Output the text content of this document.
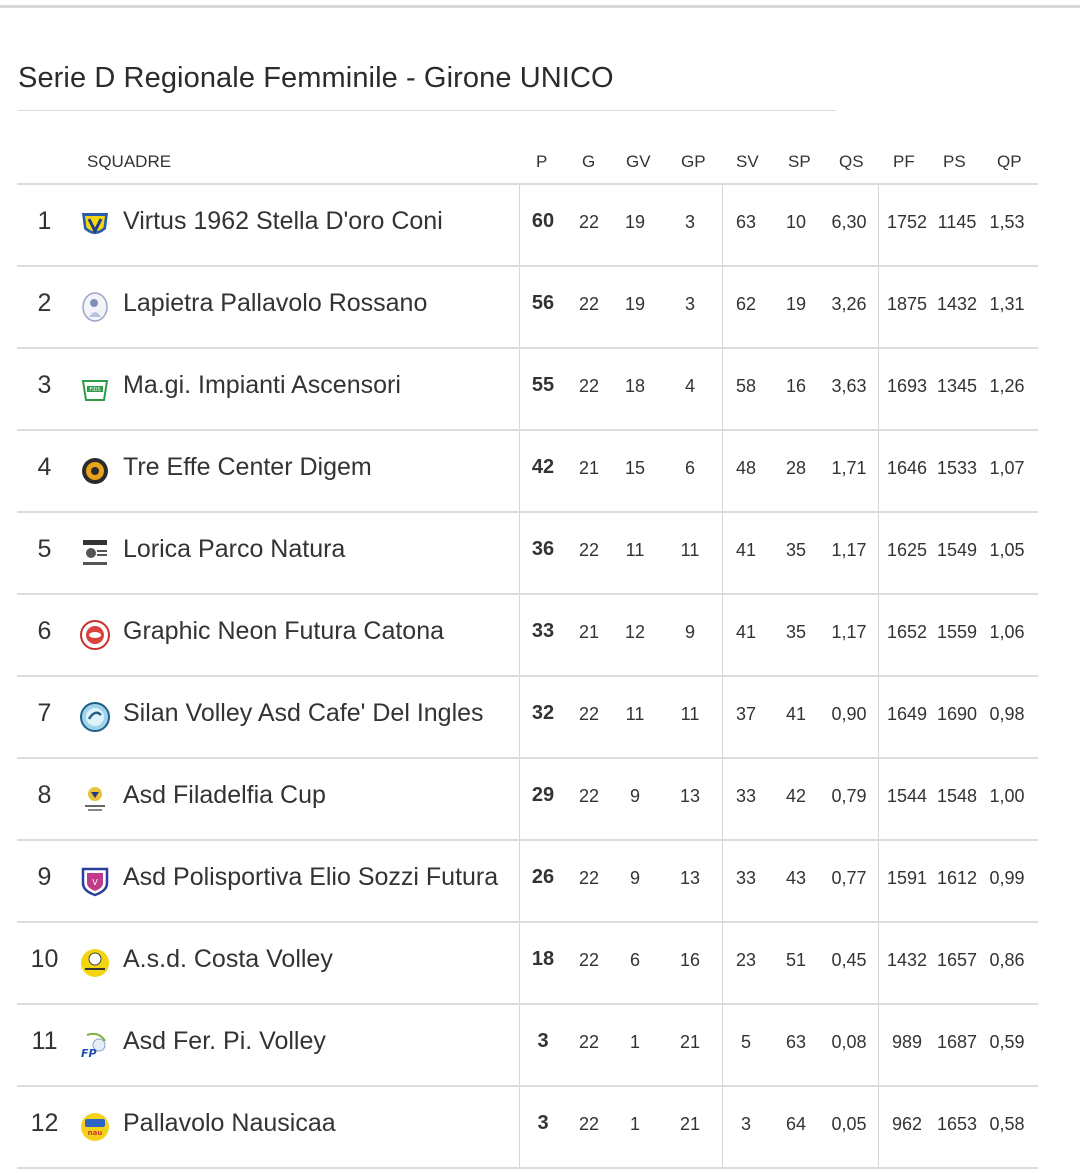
Serie D Regionale Femminile - Girone UNICO
SQUADRE	P G GV GP SV SP QS PF PS QP
1	Virtus 1962 Stella D'oro Coni	60	22	19	3	63	10	6,30	1752 1145 1,53
2	Lapietra Pallavolo Rossano	56	22	19	3	62	19	3,26	1875 1432 1,31
3	FIDS Ma.gi. Impianti Ascensori	55	22	18	4	58	16	3,63	1693 1345 1,26
4	Tre Effe Center Digem	42	21	15	6	48	28	1,71	1646 1533 1,07
5	Lorica Parco Natura	36	22	11	11	41	35	1,17	1625 1549 1,05
6	Graphic Neon Futura Catona	33	21	12	9	41	35	1,17	1652 1559 1,06
7	Silan Volley Asd Cafe' Del Ingles	32	22	11	11	37	41	0,90	1649 1690 0,98
8	Asd Filadelfia Cup	29	22	9	13	33	42	0,79	1544 1548 1,00
9	V Asd Polisportiva Elio Sozzi Futura	26	22	9	13	33	43	0,77	1591 1612 0,99
10	A.s.d. Costa Volley	18	22	6	16	23	51	0,45	1432 1657 0,86
11	FP Asd Fer. Pi. Volley	3	22	1	21	5	63	0,08	989 1687 0,59
12	nau Pallavolo Nausicaa	3	22	1	21	3	64	0,05	962 1653 0,58
